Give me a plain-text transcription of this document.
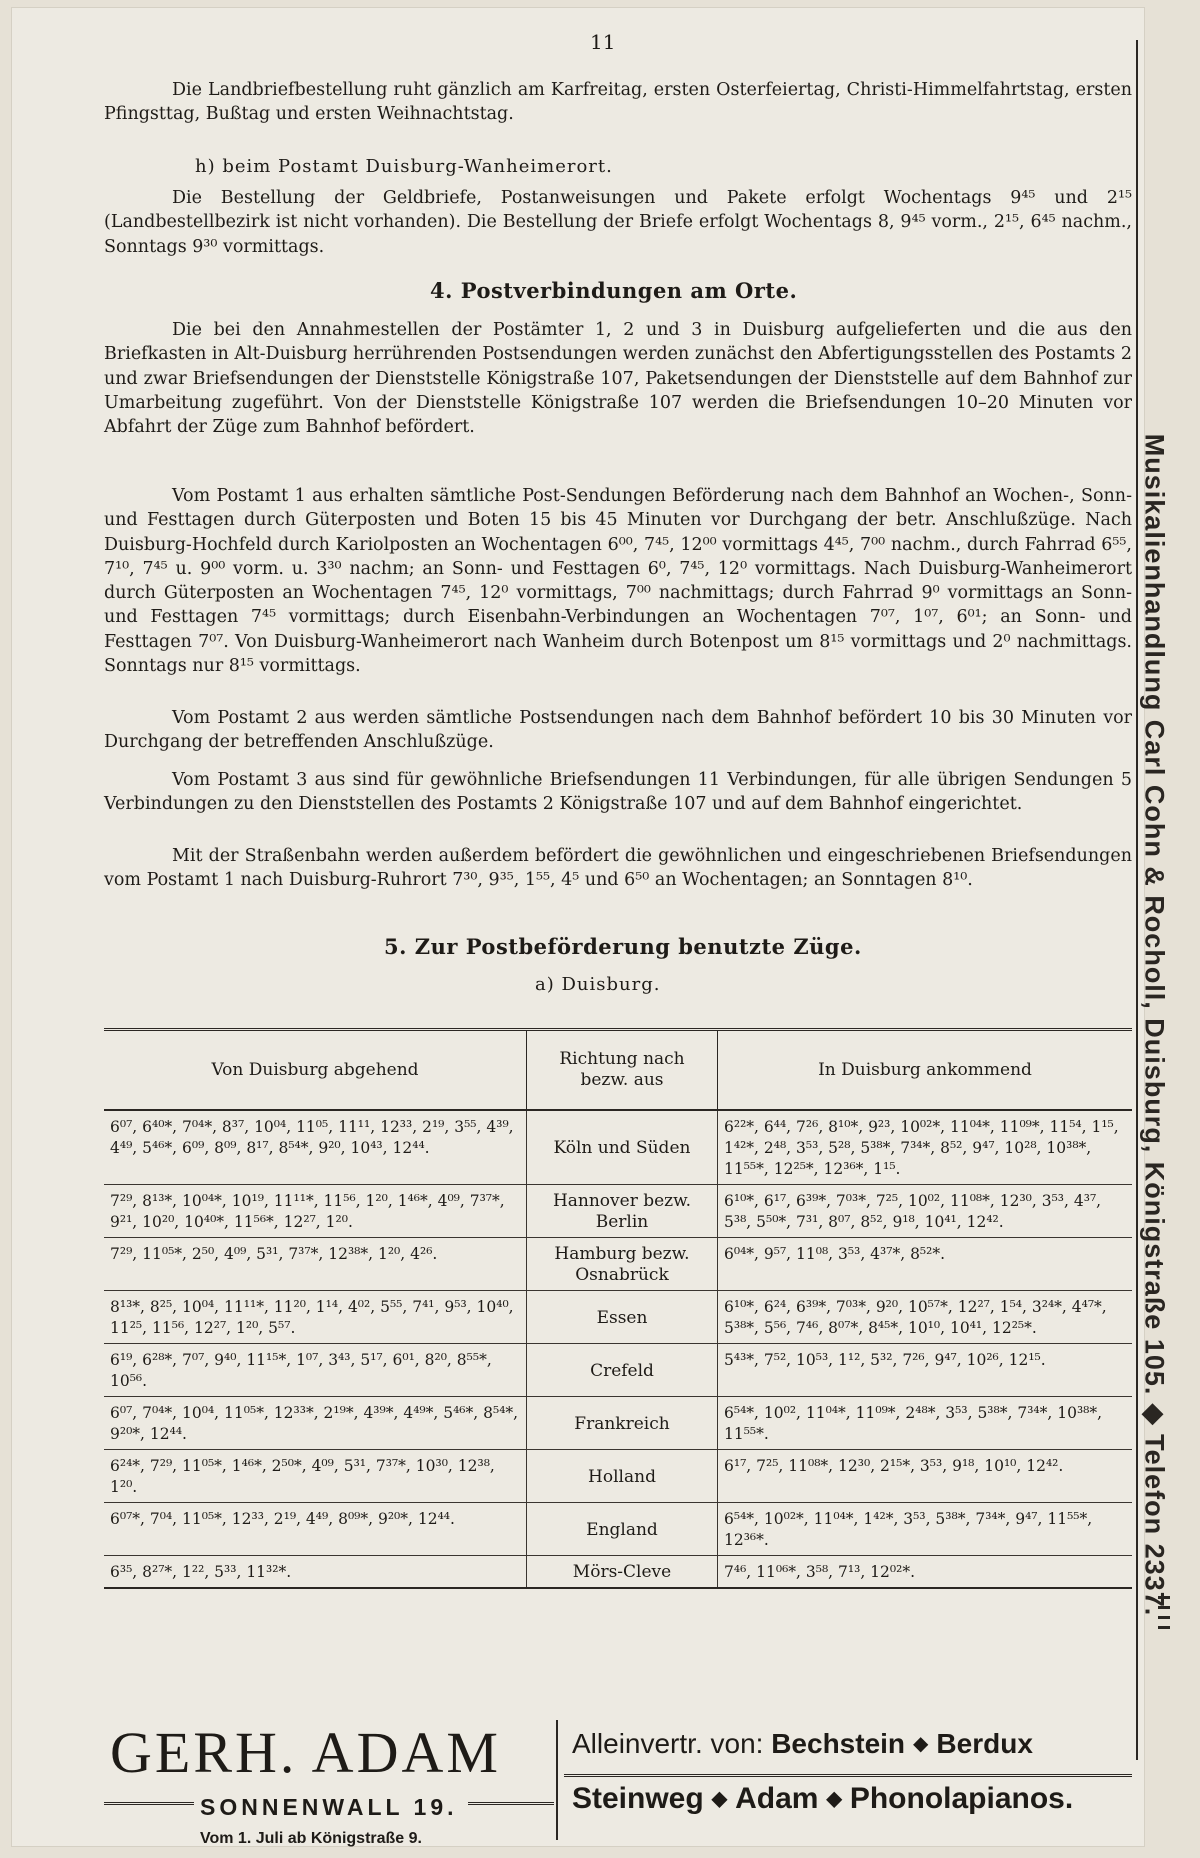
11

Die Landbriefbestellung ruht gänzlich am Karfreitag, ersten Osterfeiertag, Christi-Himmelfahrtstag, ersten Pfingsttag, Bußtag und ersten Weihnachtstag.

h) beim Postamt Duisburg-Wanheimerort.

Die Bestellung der Geldbriefe, Postanweisungen und Pakete erfolgt Wochentags 9⁴⁵ und 2¹⁵ (Landbestellbezirk ist nicht vorhanden). Die Bestellung der Briefe erfolgt Wochentags 8, 9⁴⁵ vorm., 2¹⁵, 6⁴⁵ nachm., Sonntags 9³⁰ vormittags.

4. Postverbindungen am Orte.

Die bei den Annahmestellen der Postämter 1, 2 und 3 in Duisburg aufgelieferten und die aus den Briefkasten in Alt-Duisburg herrührenden Postsendungen werden zunächst den Abfertigungsstellen des Postamts 2 und zwar Briefsendungen der Dienststelle Königstraße 107, Paketsendungen der Dienststelle auf dem Bahnhof zur Umarbeitung zugeführt. Von der Dienststelle Königstraße 107 werden die Briefsendungen 10–20 Minuten vor Abfahrt der Züge zum Bahnhof befördert.

Vom Postamt 1 aus erhalten sämtliche Post-Sendungen Beförderung nach dem Bahnhof an Wochen-, Sonn- und Festtagen durch Güterposten und Boten 15 bis 45 Minuten vor Durchgang der betr. Anschlußzüge. Nach Duisburg-Hochfeld durch Kariolposten an Wochentagen 6⁰⁰, 7⁴⁵, 12⁰⁰ vormittags 4⁴⁵, 7⁰⁰ nachm., durch Fahrrad 6⁵⁵, 7¹⁰, 7⁴⁵ u. 9⁰⁰ vorm. u. 3³⁰ nachm; an Sonn- und Festtagen 6⁰, 7⁴⁵, 12⁰ vormittags. Nach Duisburg-Wanheimerort durch Güterposten an Wochentagen 7⁴⁵, 12⁰ vormittags, 7⁰⁰ nachmittags; durch Fahrrad 9⁰ vormittags an Sonn- und Festtagen 7⁴⁵ vormittags; durch Eisenbahn-Verbindungen an Wochentagen 7⁰⁷, 1⁰⁷, 6⁰¹; an Sonn- und Festtagen 7⁰⁷. Von Duisburg-Wanheimerort nach Wanheim durch Botenpost um 8¹⁵ vormittags und 2⁰ nachmittags. Sonntags nur 8¹⁵ vormittags.

Vom Postamt 2 aus werden sämtliche Postsendungen nach dem Bahnhof befördert 10 bis 30 Minuten vor Durchgang der betreffenden Anschlußzüge.

Vom Postamt 3 aus sind für gewöhnliche Briefsendungen 11 Verbindungen, für alle übrigen Sendungen 5 Verbindungen zu den Dienststellen des Postamts 2 Königstraße 107 und auf dem Bahnhof eingerichtet.

Mit der Straßenbahn werden außerdem befördert die gewöhnlichen und eingeschriebenen Briefsendungen vom Postamt 1 nach Duisburg-Ruhrort 7³⁰, 9³⁵, 1⁵⁵, 4⁵ und 6⁵⁰ an Wochentagen; an Sonntagen 8¹⁰.

5. Zur Postbeförderung benutzte Züge.
a) Duisburg.
Von Duisburg abgehend	Richtung nach bezw. aus	In Duisburg ankommend
6⁰⁷, 6⁴⁰*, 7⁰⁴*, 8³⁷, 10⁰⁴, 11⁰⁵, 11¹¹, 12³³, 2¹⁹, 3⁵⁵, 4³⁹, 4⁴⁹, 5⁴⁶*, 6⁰⁹, 8⁰⁹, 8¹⁷, 8⁵⁴*, 9²⁰, 10⁴³, 12⁴⁴.	Köln und Süden	6²²*, 6⁴⁴, 7²⁶, 8¹⁰*, 9²³, 10⁰²*, 11⁰⁴*, 11⁰⁹*, 11⁵⁴, 1¹⁵, 1⁴²*, 2⁴⁸, 3⁵³, 5²⁸, 5³⁸*, 7³⁴*, 8⁵², 9⁴⁷, 10²⁸, 10³⁸*, 11⁵⁵*, 12²⁵*, 12³⁶*, 1¹⁵.
7²⁹, 8¹³*, 10⁰⁴*, 10¹⁹, 11¹¹*, 11⁵⁶, 1²⁰, 1⁴⁶*, 4⁰⁹, 7³⁷*, 9²¹, 10²⁰, 10⁴⁰*, 11⁵⁶*, 12²⁷, 1²⁰.	Hannover bezw. Berlin	6¹⁰*, 6¹⁷, 6³⁹*, 7⁰³*, 7²⁵, 10⁰², 11⁰⁸*, 12³⁰, 3⁵³, 4³⁷, 5³⁸, 5⁵⁰*, 7³¹, 8⁰⁷, 8⁵², 9¹⁸, 10⁴¹, 12⁴².
7²⁹, 11⁰⁵*, 2⁵⁰, 4⁰⁹, 5³¹, 7³⁷*, 12³⁸*, 1²⁰, 4²⁶.	Hamburg bezw. Osnabrück	6⁰⁴*, 9⁵⁷, 11⁰⁸, 3⁵³, 4³⁷*, 8⁵²*.
8¹³*, 8²⁵, 10⁰⁴, 11¹¹*, 11²⁰, 1¹⁴, 4⁰², 5⁵⁵, 7⁴¹, 9⁵³, 10⁴⁰, 11²⁵, 11⁵⁶, 12²⁷, 1²⁰, 5⁵⁷.	Essen	6¹⁰*, 6²⁴, 6³⁹*, 7⁰³*, 9²⁰, 10⁵⁷*, 12²⁷, 1⁵⁴, 3²⁴*, 4⁴⁷*, 5³⁸*, 5⁵⁶, 7⁴⁶, 8⁰⁷*, 8⁴⁵*, 10¹⁰, 10⁴¹, 12²⁵*.
6¹⁹, 6²⁸*, 7⁰⁷, 9⁴⁰, 11¹⁵*, 1⁰⁷, 3⁴³, 5¹⁷, 6⁰¹, 8²⁰, 8⁵⁵*, 10⁵⁶.	Crefeld	5⁴³*, 7⁵², 10⁵³, 1¹², 5³², 7²⁶, 9⁴⁷, 10²⁶, 12¹⁵.
6⁰⁷, 7⁰⁴*, 10⁰⁴, 11⁰⁵*, 12³³*, 2¹⁹*, 4³⁹*, 4⁴⁹*, 5⁴⁶*, 8⁵⁴*, 9²⁰*, 12⁴⁴.	Frankreich	6⁵⁴*, 10⁰², 11⁰⁴*, 11⁰⁹*, 2⁴⁸*, 3⁵³, 5³⁸*, 7³⁴*, 10³⁸*, 11⁵⁵*.
6²⁴*, 7²⁹, 11⁰⁵*, 1⁴⁶*, 2⁵⁰*, 4⁰⁹, 5³¹, 7³⁷*, 10³⁰, 12³⁸, 1²⁰.	Holland	6¹⁷, 7²⁵, 11⁰⁸*, 12³⁰, 2¹⁵*, 3⁵³, 9¹⁸, 10¹⁰, 12⁴².
6⁰⁷*, 7⁰⁴, 11⁰⁵*, 12³³, 2¹⁹, 4⁴⁹, 8⁰⁹*, 9²⁰*, 12⁴⁴.	England	6⁵⁴*, 10⁰²*, 11⁰⁴*, 1⁴²*, 3⁵³, 5³⁸*, 7³⁴*, 9⁴⁷, 11⁵⁵*, 12³⁶*.
6³⁵, 8²⁷*, 1²², 5³³, 11³²*.	Mörs-Cleve	7⁴⁶, 11⁰⁶*, 3⁵⁸, 7¹³, 12⁰²*.	Musikalienhandlung Carl Cohn & Rocholl, Duisburg, Königstraße 105. ◆ Telefon 2337.
GERH. ADAM
SONNENWALL 19.
Vom 1. Juli ab Königstraße 9.
Alleinvertr. von: Bechstein ◆ Berdux
Steinweg ◆ Adam ◆ Phonolapianos.
